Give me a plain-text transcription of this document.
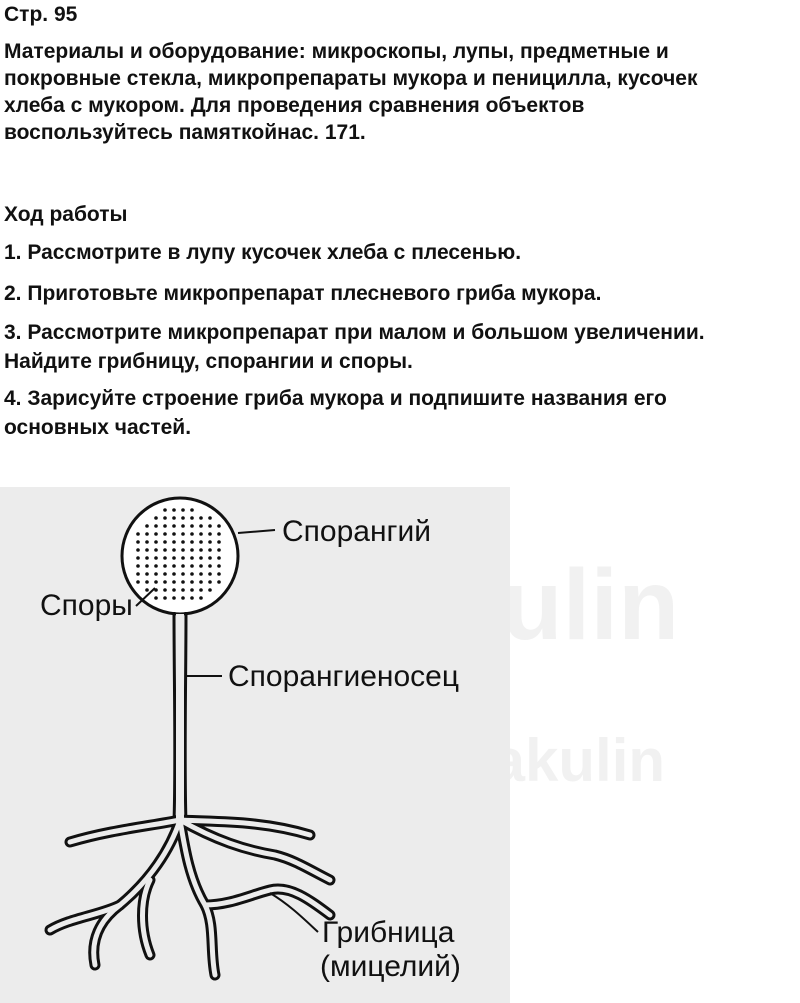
bakulin
Стр. 95

Материалы и оборудование: микроскопы, лупы, предметные и
покровные стекла, микропрепараты мукора и пеницилла, кусочек
хлеба с мукором. Для проведения сравнения объектов
воспользуйтесь памяткойнас. 171.

Ход работы

1. Рассмотрите в лупу кусочек хлеба с плесенью.

2. Приготовьте микропрепарат плесневого гриба мукора.

3. Рассмотрите микропрепарат при малом и большом увеличении.
Найдите грибницу, спорангии и споры.

4. Зарисуйте строение гриба мукора и подпишите названия его
основных частей.

Спорангий
Споры
Спорангиеносец
Грибница
(мицелий)
